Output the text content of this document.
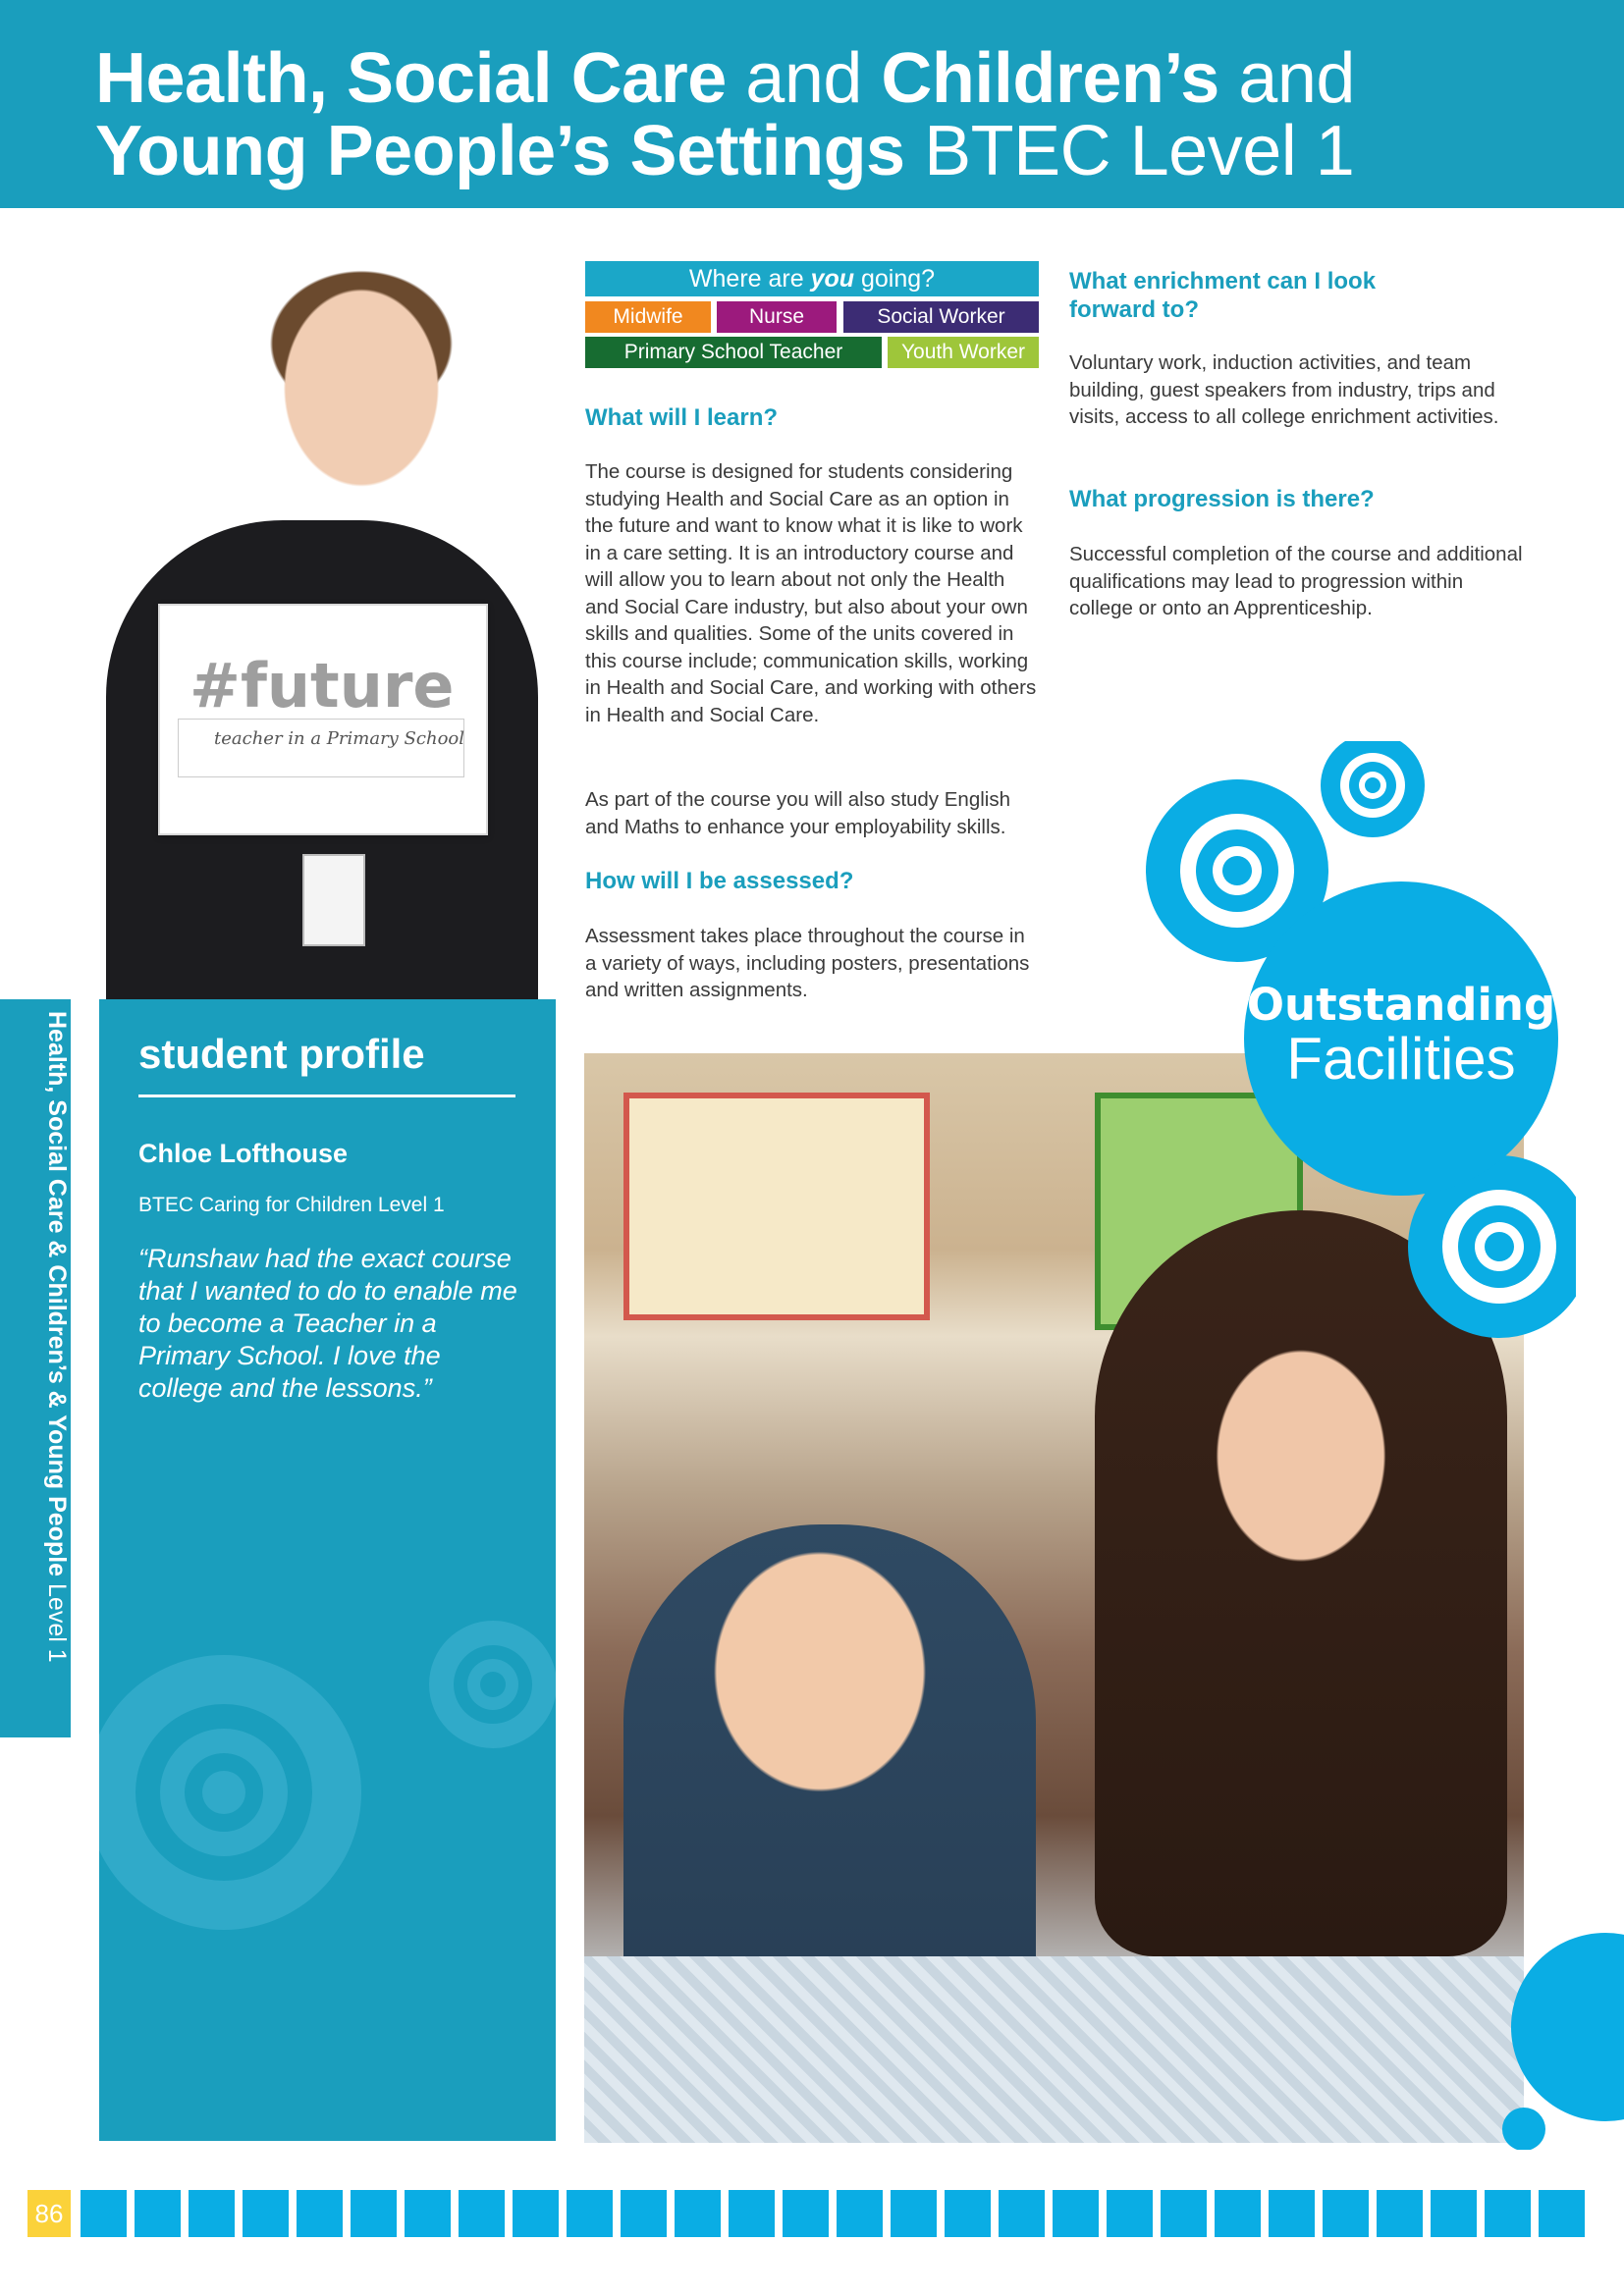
Health, Social Care and Children’s and
Young People’s Settings BTEC Level 1
#future
teacher in a Primary School
Where are you going?
Midwife	Nurse	Social Worker
Primary School Teacher	Youth Worker
What will I learn?

The course is designed for students considering studying Health and Social Care as an option in the future and want to know what it is like to work in a care setting. It is an introductory course and will allow you to learn about not only the Health and Social Care industry, but also about your own skills and qualities. Some of the units covered in this course include; communication skills, working in Health and Social Care, and working with others in Health and Social Care.

As part of the course you will also study English and Maths to enhance your employability skills.

How will I be assessed?

Assessment takes place throughout the course in a variety of ways, including posters, presentations and written assignments.

What enrichment can I look forward to?

Voluntary work, induction activities, and team building, guest speakers from industry, trips and visits, access to all college enrichment activities.

What progression is there?

Successful completion of the course and additional qualifications may lead to progression within college or onto an Apprenticeship.

Outstanding
Facilities
student profile
Chloe Lofthouse
BTEC Caring for Children Level 1

“Runshaw had the exact course that I wanted to do to enable me to become a Teacher in a Primary School. I love the college and the lessons.”

Health, Social Care & Children’s & Young People Level 1
86
